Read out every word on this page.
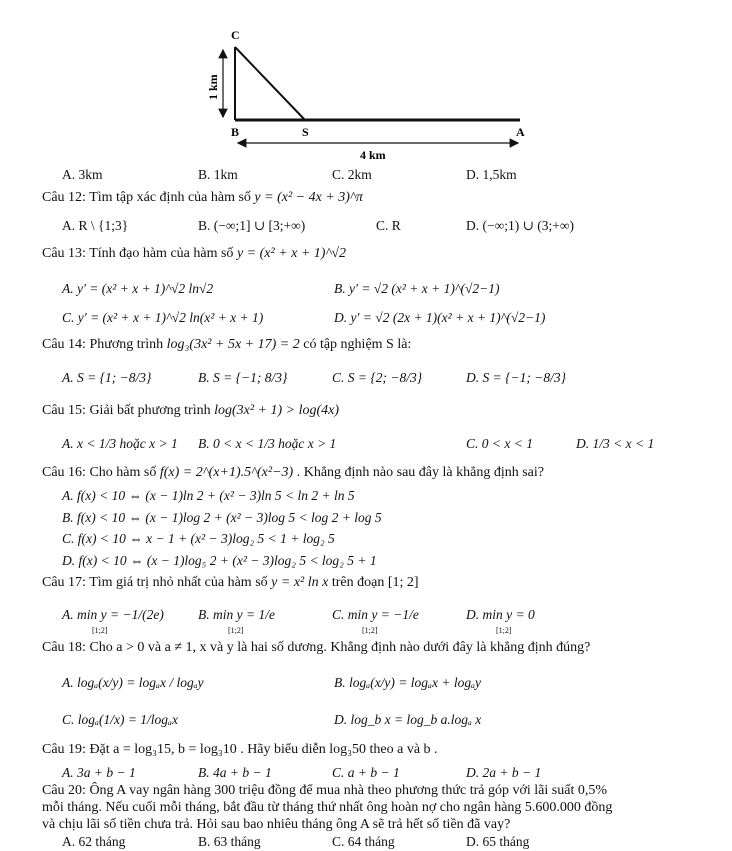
C
B	S	A
1 km
4 km
A. 3km	B. 1km	C. 2km	D. 1,5km
Câu 12: Tìm tập xác định của hàm số y = (x² − 4x + 3)^π
A. R \ {1;3}	B. (−∞;1] ∪ [3;+∞)	C. R	D. (−∞;1) ∪ (3;+∞)
Câu 13: Tính đạo hàm của hàm số y = (x² + x + 1)^√2
A. y′ = (x² + x + 1)^√2 ln√2	B. y′ = √2 (x² + x + 1)^(√2−1)
C. y′ = (x² + x + 1)^√2 ln(x² + x + 1)	D. y′ = √2 (2x + 1)(x² + x + 1)^(√2−1)
Câu 14: Phương trình log₃(3x² + 5x + 17) = 2 có tập nghiệm S là:
A. S = {1; −8/3}	B. S = {−1; 8/3}	C. S = {2; −8/3}	D. S = {−1; −8/3}
Câu 15: Giải bất phương trình log(3x² + 1) > log(4x)
A. x < 1/3 hoặc x > 1 B. 0 < x < 1/3 hoặc x > 1	C. 0 < x < 1	D. 1/3 < x < 1
Câu 16: Cho hàm số f(x) = 2^(x+1).5^(x²−3) . Khẳng định nào sau đây là khẳng định sai?
A. f(x) < 10 ⇔ (x − 1)ln 2 + (x² − 3)ln 5 < ln 2 + ln 5
B. f(x) < 10 ⇔ (x − 1)log 2 + (x² − 3)log 5 < log 2 + log 5
C. f(x) < 10 ⇔ x − 1 + (x² − 3)log₂ 5 < 1 + log₂ 5
D. f(x) < 10 ⇔ (x − 1)log₅ 2 + (x² − 3)log₂ 5 < log₂ 5 + 1
Câu 17: Tìm giá trị nhỏ nhất của hàm số y = x² ln x trên đoạn [1; 2]
A. min y = −1/(2e)	B. min y = 1/e	C. min y = −1/e	D. min y = 0
[1;2]	[1;2]	[1;2]	[1;2]
Câu 18: Cho a > 0 và a ≠ 1, x và y là hai số dương. Khẳng định nào dưới đây là khẳng định đúng?
A. logₐ(x/y) = logₐx / logₐy	B. logₐ(x/y) = logₐx + logₐy
C. logₐ(1/x) = 1/logₐx	D. log_b x = log_b a.logₐ x
Câu 19: Đặt a = log₃15, b = log₃10 . Hãy biểu diễn log₃50 theo a và b .
A. 3a + b − 1	B. 4a + b − 1	C. a + b − 1	D. 2a + b − 1
Câu 20: Ông A vay ngân hàng 300 triệu đồng để mua nhà theo phương thức trả góp với lãi suất 0,5%
mỗi tháng. Nếu cuối mỗi tháng, bắt đầu từ tháng thứ nhất ông hoàn nợ cho ngân hàng 5.600.000 đồng
và chịu lãi số tiền chưa trả. Hỏi sau bao nhiêu tháng ông A sẽ trả hết số tiền đã vay?
A. 62 tháng	B. 63 tháng	C. 64 tháng	D. 65 tháng
